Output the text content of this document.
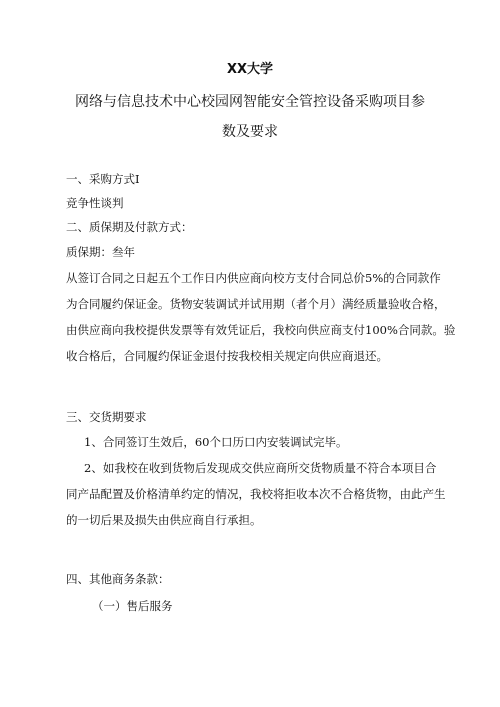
XX大学
网络与信息技术中心校园网智能安全管控设备采购项目参
数及要求
一、采购方式I
竞争性谈判
二、质保期及付款方式：
质保期：叁年
从签订合同之日起五个工作日内供应商向校方支付合同总价5%的合同款作
为合同履约保证金。货物安装调试并试用期（者个月）满经质量验收合格，
由供应商向我校提供发票等有效凭证后，我校向供应商支付100%合同款。验
收合格后，合同履约保证金退付按我校相关规定向供应商退还。
三、交货期要求
1、合同签订生效后，60个口历口内安装调试完毕。
2、如我校在收到货物后发现成交供应商所交货物质量不符合本项目合
同产品配置及价格清单约定的情况，我校将拒收本次不合格货物，由此产生
的一切后果及损失由供应商自行承担。
四、其他商务条款：
（一）售后服务
